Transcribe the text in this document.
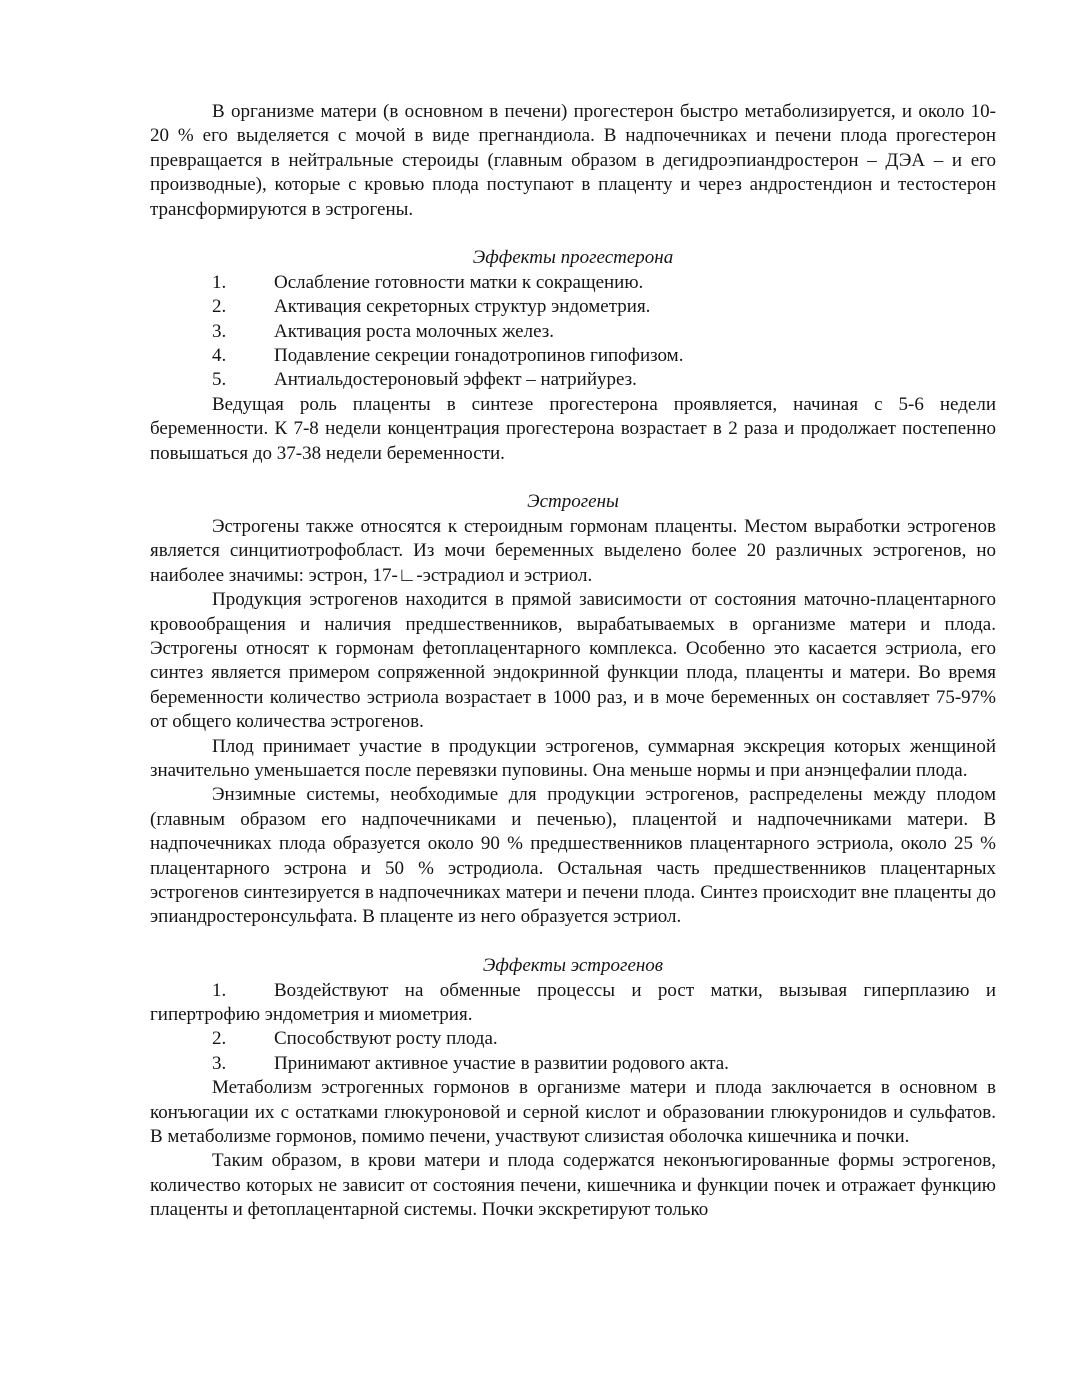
В организме матери (в основном в печени) прогестерон быстро метаболизируется, и около 10-20 % его выделяется с мочой в виде прегнандиола. В надпочечниках и печени плода прогестерон превращается в нейтральные стероиды (главным образом в дегидроэпиандростерон – ДЭА – и его производные), которые с кровью плода поступают в плаценту и через андростендион и тестостерон трансформируются в эстрогены.

Эффекты прогестерона

1.	Ослабление готовности матки к сокращению.
2.	Активация секреторных структур эндометрия.
3.	Активация роста молочных желез.
4.	Подавление секреции гонадотропинов гипофизом.
5.	Антиальдостероновый эффект – натрийурез.

Ведущая роль плаценты в синтезе прогестерона проявляется, начиная с 5-6 недели беременности. К 7-8 недели концентрация прогестерона возрастает в 2 раза и продолжает постепенно повышаться до 37-38 недели беременности.

Эстрогены

Эстрогены также относятся к стероидным гормонам плаценты. Местом выработки эстрогенов является синцитиотрофобласт. Из мочи беременных выделено более 20 различных эстрогенов, но наиболее значимы: эстрон, 17-∟-эстрадиол и эстриол.

Продукция эстрогенов находится в прямой зависимости от состояния маточно-плацентарного кровообращения и наличия предшественников, вырабатываемых в организме матери и плода. Эстрогены относят к гормонам фетоплацентарного комплекса. Особенно это касается эстриола, его синтез является примером сопряженной эндокринной функции плода, плаценты и матери. Во время беременности количество эстриола возрастает в 1000 раз, и в моче беременных он составляет 75-97% от общего количества эстрогенов.

Плод принимает участие в продукции эстрогенов, суммарная экскреция которых женщиной значительно уменьшается после перевязки пуповины. Она меньше нормы и при анэнцефалии плода.

Энзимные системы, необходимые для продукции эстрогенов, распределены между плодом (главным образом его надпочечниками и печенью), плацентой и надпочечниками матери. В надпочечниках плода образуется около 90 % предшественников плацентарного эстриола, около 25 % плацентарного эстрона и 50 % эстродиола. Остальная часть предшественников плацентарных эстрогенов синтезируется в надпочечниках матери и печени плода. Синтез происходит вне плаценты до эпиандростеронсульфата. В плаценте из него образуется эстриол.

Эффекты эстрогенов

1.	Воздействуют на обменные процессы и рост матки, вызывая гиперплазию и гипертрофию эндометрия и миометрия.
2.	Способствуют росту плода.
3.	Принимают активное участие в развитии родового акта.

Метаболизм эстрогенных гормонов в организме матери и плода заключается в основном в конъюгации их с остатками глюкуроновой и серной кислот и образовании глюкуронидов и сульфатов. В метаболизме гормонов, помимо печени, участвуют слизистая оболочка кишечника и почки.

Таким образом, в крови матери и плода содержатся неконъюгированные формы эстрогенов, количество которых не зависит от состояния печени, кишечника и функции почек и отражает функцию плаценты и фетоплацентарной системы. Почки экскретируют только
